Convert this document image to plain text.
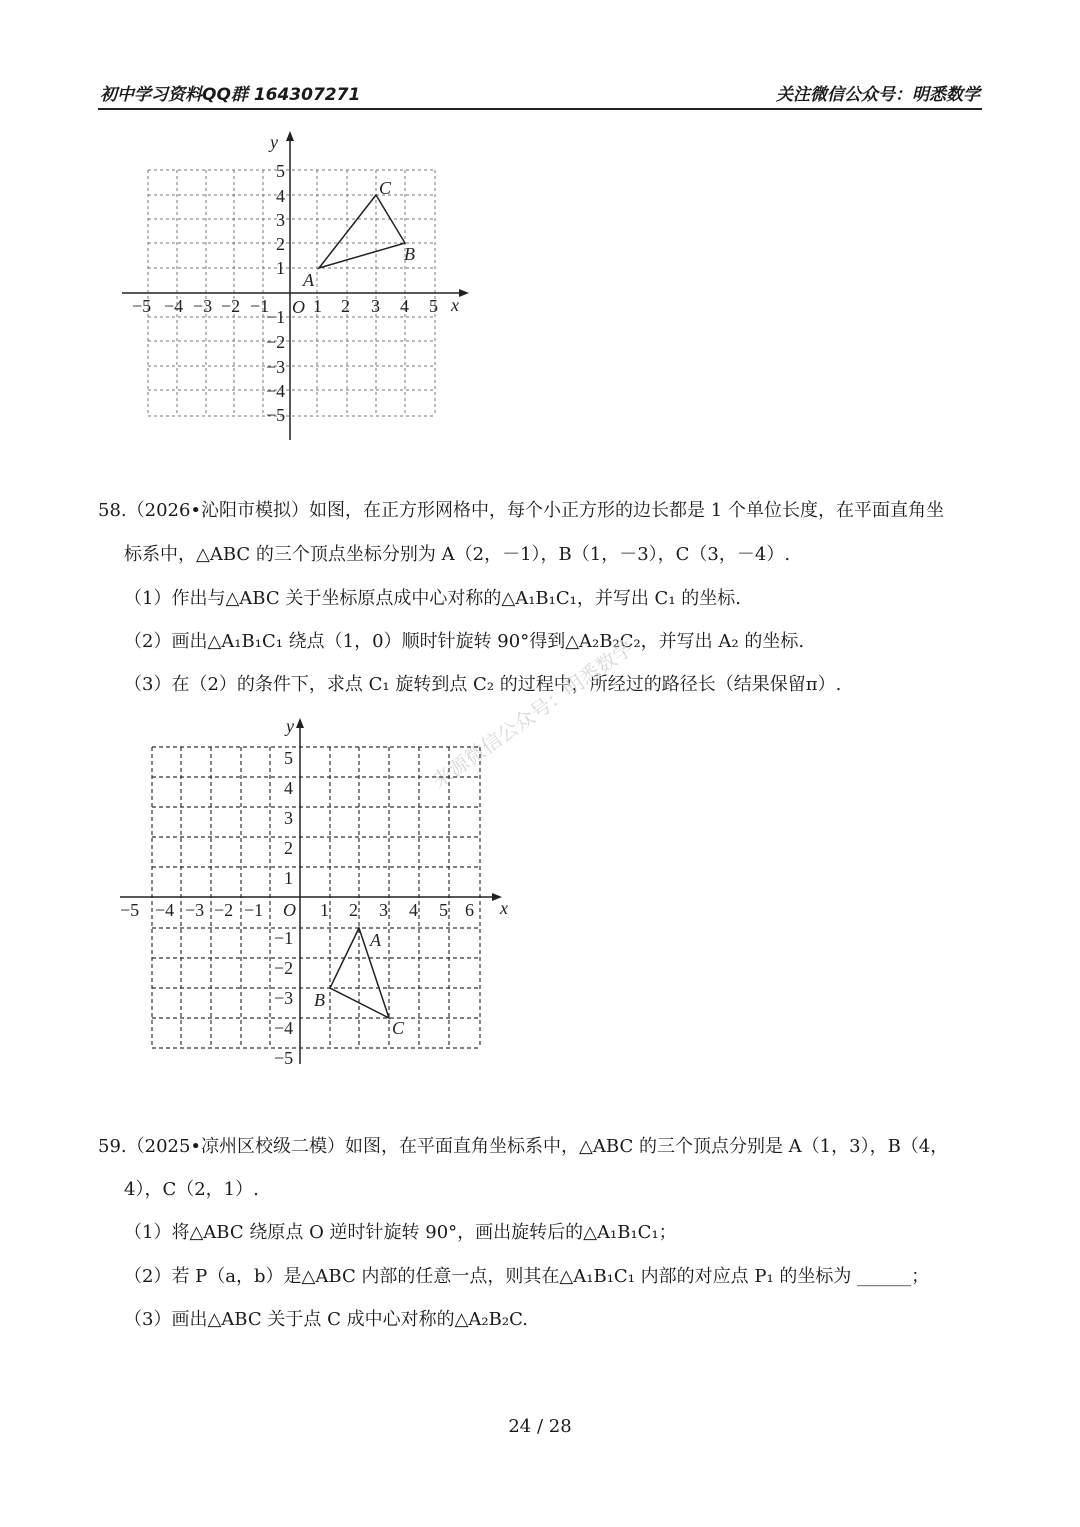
初中学习资料QQ群 164307271	关注微信公众号：明悉数学
y
x
O
A
B
C
−5 −4 −3 −2 −1 1 2 3 4 5
1
2
3
4
5
−1
−2
−3
−4
−5
58.（2026•沁阳市模拟）如图，在正方形网格中，每个小正方形的边长都是 1 个单位长度，在平面直角坐
标系中，△ABC 的三个顶点坐标分别为 A（2，－1），B（1，－3），C（3，－4）.
（1）作出与△ABC 关于坐标原点成中心对称的△A₁B₁C₁，并写出 C₁ 的坐标.
（2）画出△A₁B₁C₁ 绕点（1，0）顺时针旋转 90°得到△A₂B₂C₂，并写出 A₂ 的坐标.
（3）在（2）的条件下，求点 C₁ 旋转到点 C₂ 的过程中，所经过的路径长（结果保留π）.
来源微信公众号：明悉数学
y
x
O
A
B
C
−5 −4 −3 −2 −1	1 2 3 4 5 6
1
2
3
4
5
−1
−2
−3
−4
−5
59.（2025•凉州区校级二模）如图，在平面直角坐标系中，△ABC 的三个顶点分别是 A（1，3），B（4，
4），C（2，1）.
（1）将△ABC 绕原点 O 逆时针旋转 90°，画出旋转后的△A₁B₁C₁；
（2）若 P（a，b）是△ABC 内部的任意一点，则其在△A₁B₁C₁ 内部的对应点 P₁ 的坐标为 ______；
（3）画出△ABC 关于点 C 成中心对称的△A₂B₂C.
24 / 28
